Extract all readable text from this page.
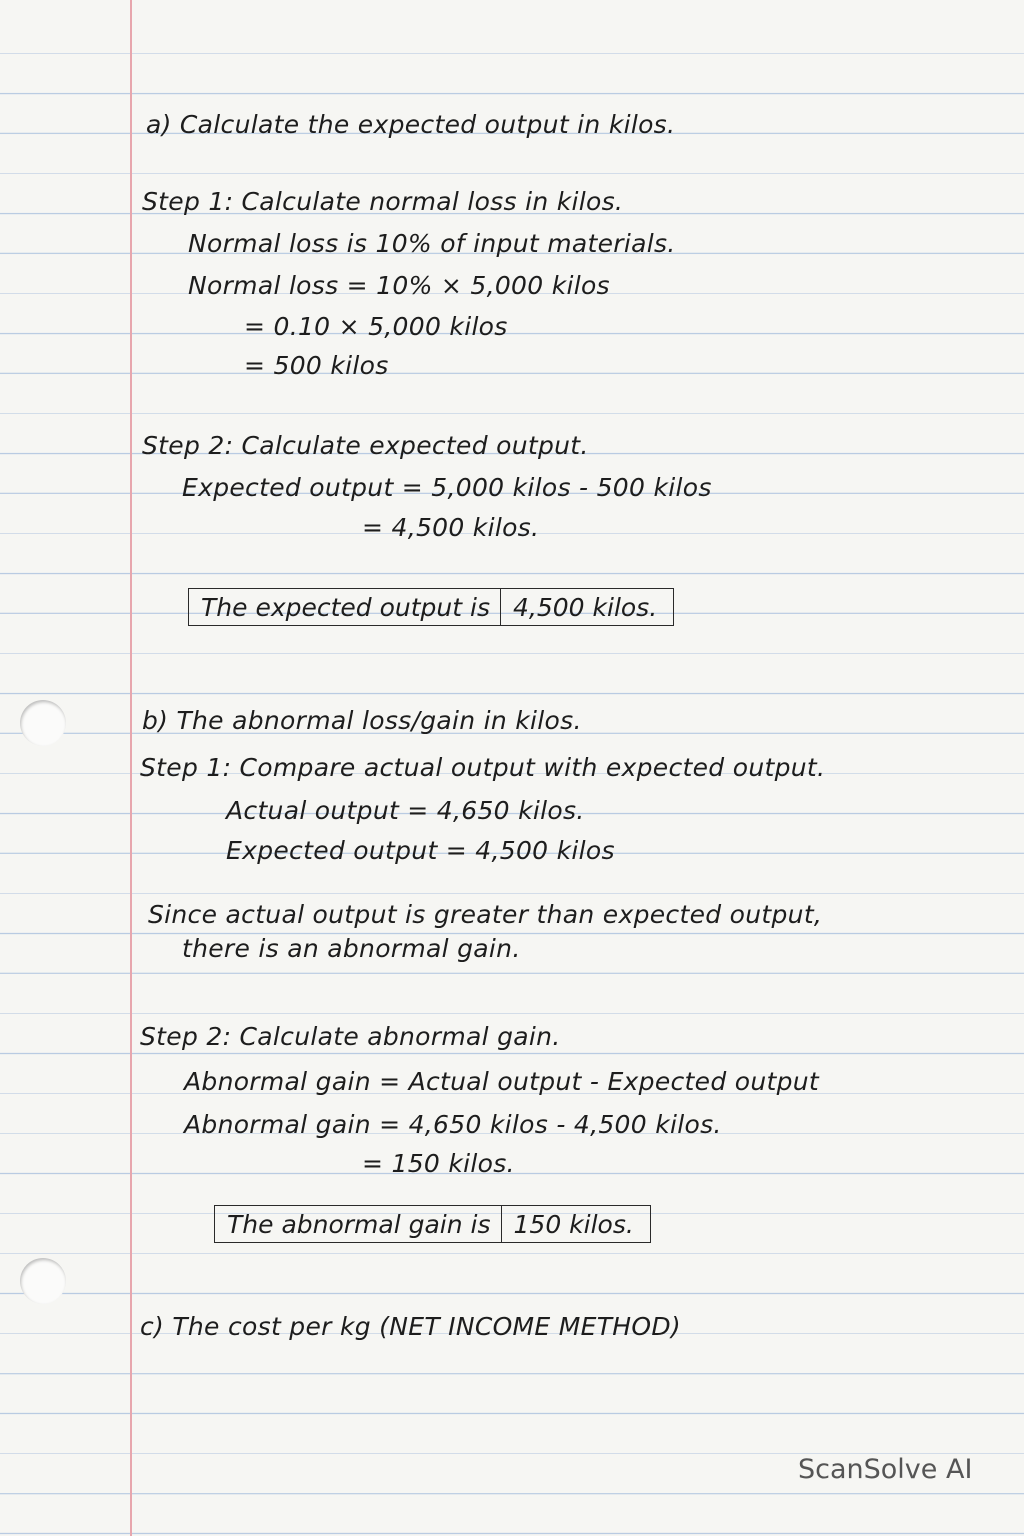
a) Calculate the expected output in kilos.
Step 1: Calculate normal loss in kilos.
Normal loss is 10% of input materials.
Normal loss = 10% × 5,000 kilos
= 0.10 × 5,000 kilos
= 500 kilos
Step 2: Calculate expected output.
Expected output = 5,000 kilos - 500 kilos
= 4,500 kilos.
The expected output is 4,500 kilos.
b) The abnormal loss/gain in kilos.
Step 1: Compare actual output with expected output.
Actual output = 4,650 kilos.
Expected output = 4,500 kilos
Since actual output is greater than expected output,
there is an abnormal gain.
Step 2: Calculate abnormal gain.
Abnormal gain = Actual output - Expected output
Abnormal gain = 4,650 kilos - 4,500 kilos.
= 150 kilos.
The abnormal gain is 150 kilos.
c) The cost per kg (NET INCOME METHOD)
ScanSolve AI
